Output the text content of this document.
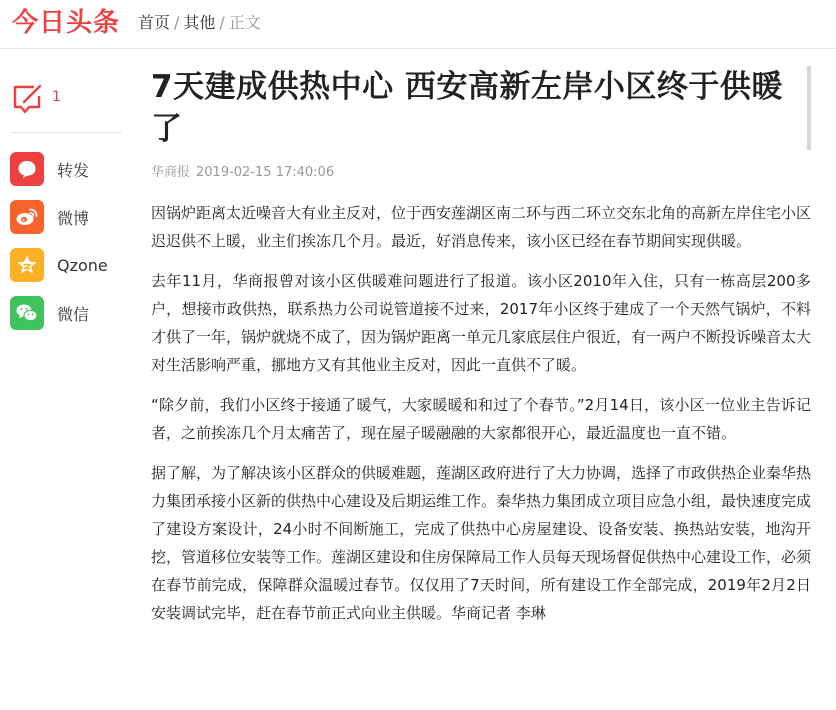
今日头条 首页 / 其他 / 正文
1
转发
微博
Qzone
微信
7天建成供热中心 西安高新左岸小区终于供暖了
华商报 2019-02-15 17:40:06

因锅炉距离太近噪音大有业主反对，位于西安莲湖区南二环与西二环立交东北角的高新左岸住宅小区迟迟供不上暖，业主们挨冻几个月。最近，好消息传来，该小区已经在春节期间实现供暖。

去年11月，华商报曾对该小区供暖难问题进行了报道。该小区2010年入住，只有一栋高层200多户，想接市政供热，联系热力公司说管道接不过来，2017年小区终于建成了一个天然气锅炉，不料才供了一年，锅炉就烧不成了，因为锅炉距离一单元几家底层住户很近，有一两户不断投诉噪音太大对生活影响严重，挪地方又有其他业主反对，因此一直供不了暖。

“除夕前，我们小区终于接通了暖气，大家暖暖和和过了个春节。”2月14日，该小区一位业主告诉记者，之前挨冻几个月太痛苦了，现在屋子暖融融的大家都很开心，最近温度也一直不错。

据了解，为了解决该小区群众的供暖难题，莲湖区政府进行了大力协调，选择了市政供热企业秦华热力集团承接小区新的供热中心建设及后期运维工作。秦华热力集团成立项目应急小组，最快速度完成了建设方案设计，24小时不间断施工，完成了供热中心房屋建设、设备安装、换热站安装，地沟开挖，管道移位安装等工作。莲湖区建设和住房保障局工作人员每天现场督促供热中心建设工作，必须在春节前完成，保障群众温暖过春节。仅仅用了7天时间，所有建设工作全部完成，2019年2月2日安装调试完毕，赶在春节前正式向业主供暖。华商记者 李琳
